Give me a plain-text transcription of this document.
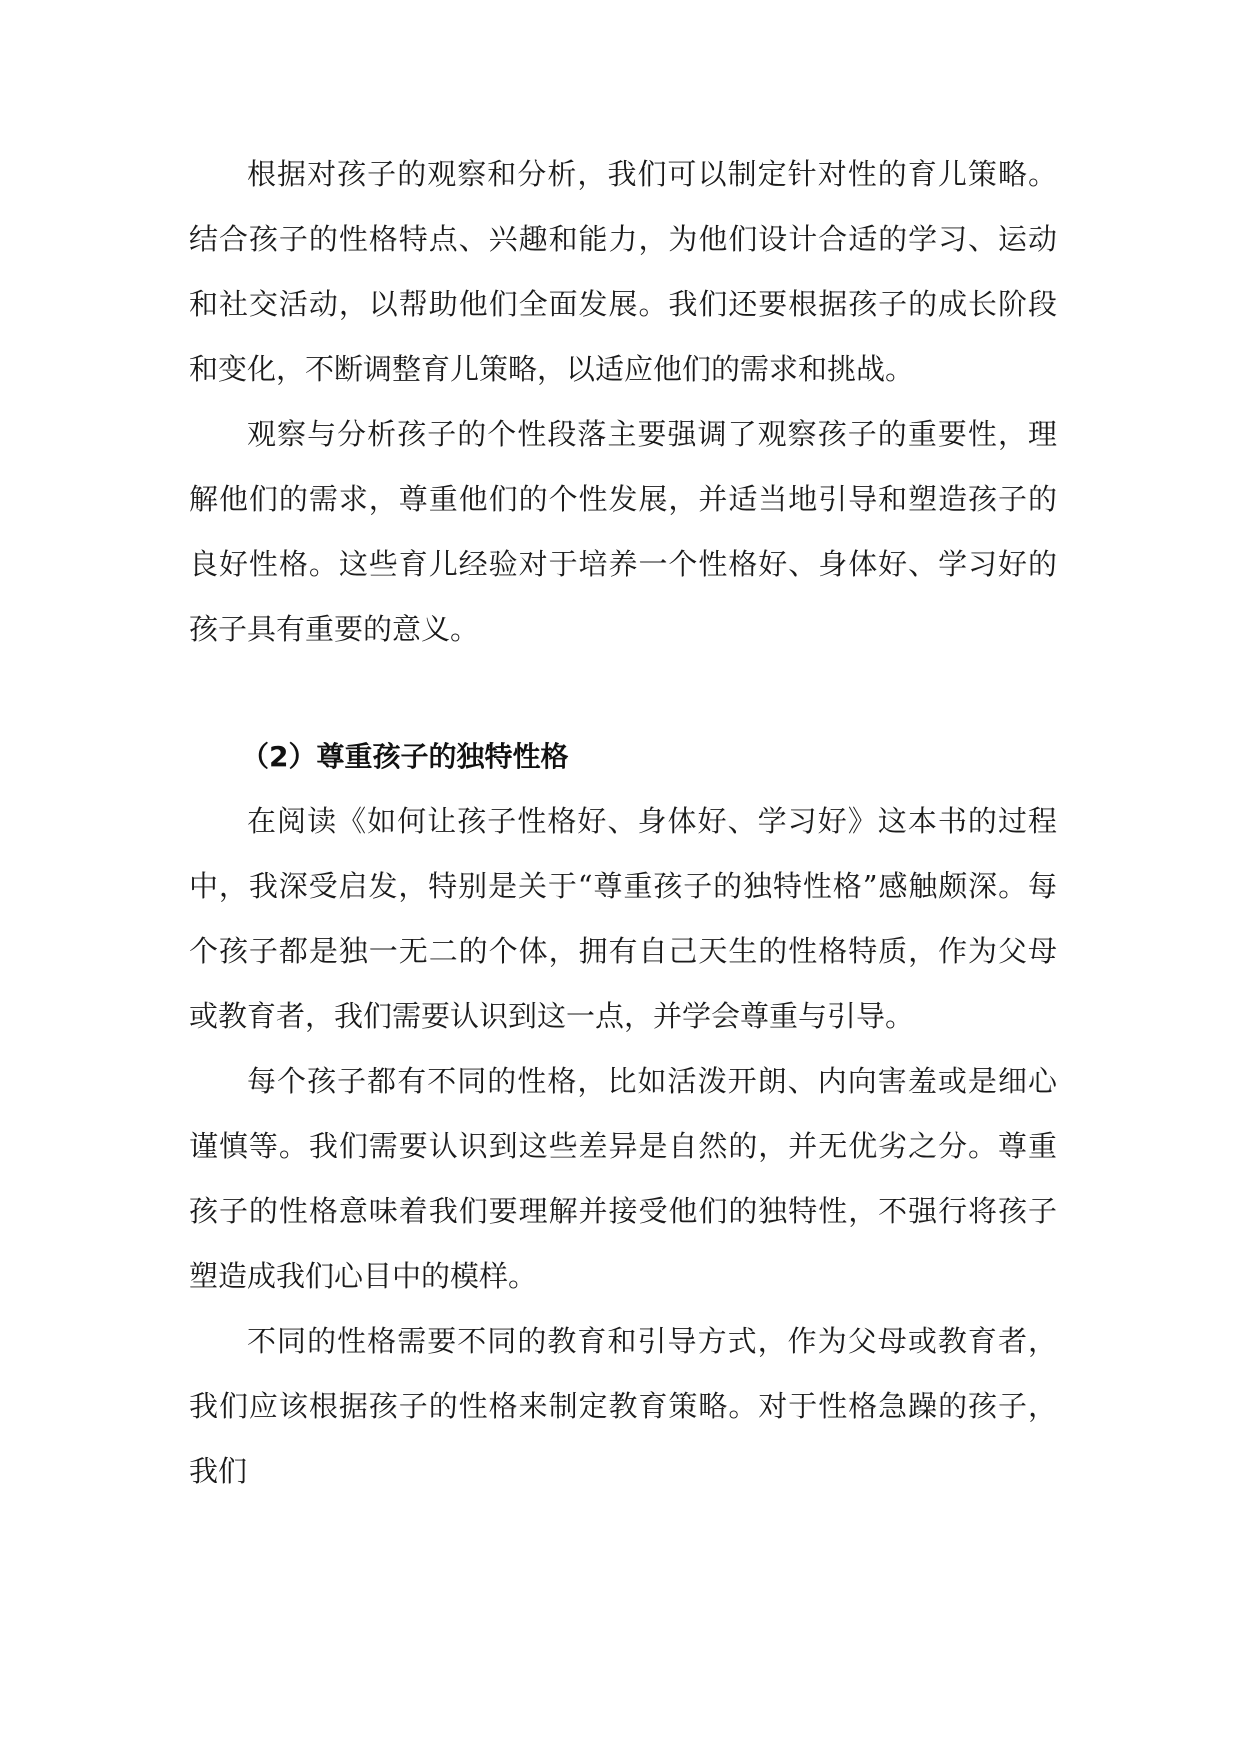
根据对孩子的观察和分析，我们可以制定针对性的育儿策略。结合孩子的性格特点、兴趣和能力，为他们设计合适的学习、运动和社交活动，以帮助他们全面发展。我们还要根据孩子的成长阶段和变化，不断调整育儿策略，以适应他们的需求和挑战。

观察与分析孩子的个性段落主要强调了观察孩子的重要性，理解他们的需求，尊重他们的个性发展，并适当地引导和塑造孩子的良好性格。这些育儿经验对于培养一个性格好、身体好、学习好的孩子具有重要的意义。

（2）尊重孩子的独特性格

在阅读《如何让孩子性格好、身体好、学习好》这本书的过程中，我深受启发，特别是关于“尊重孩子的独特性格”感触颇深。每个孩子都是独一无二的个体，拥有自己天生的性格特质，作为父母或教育者，我们需要认识到这一点，并学会尊重与引导。

每个孩子都有不同的性格，比如活泼开朗、内向害羞或是细心谨慎等。我们需要认识到这些差异是自然的，并无优劣之分。尊重孩子的性格意味着我们要理解并接受他们的独特性，不强行将孩子塑造成我们心目中的模样。

不同的性格需要不同的教育和引导方式，作为父母或教育者，我们应该根据孩子的性格来制定教育策略。对于性格急躁的孩子，我们
